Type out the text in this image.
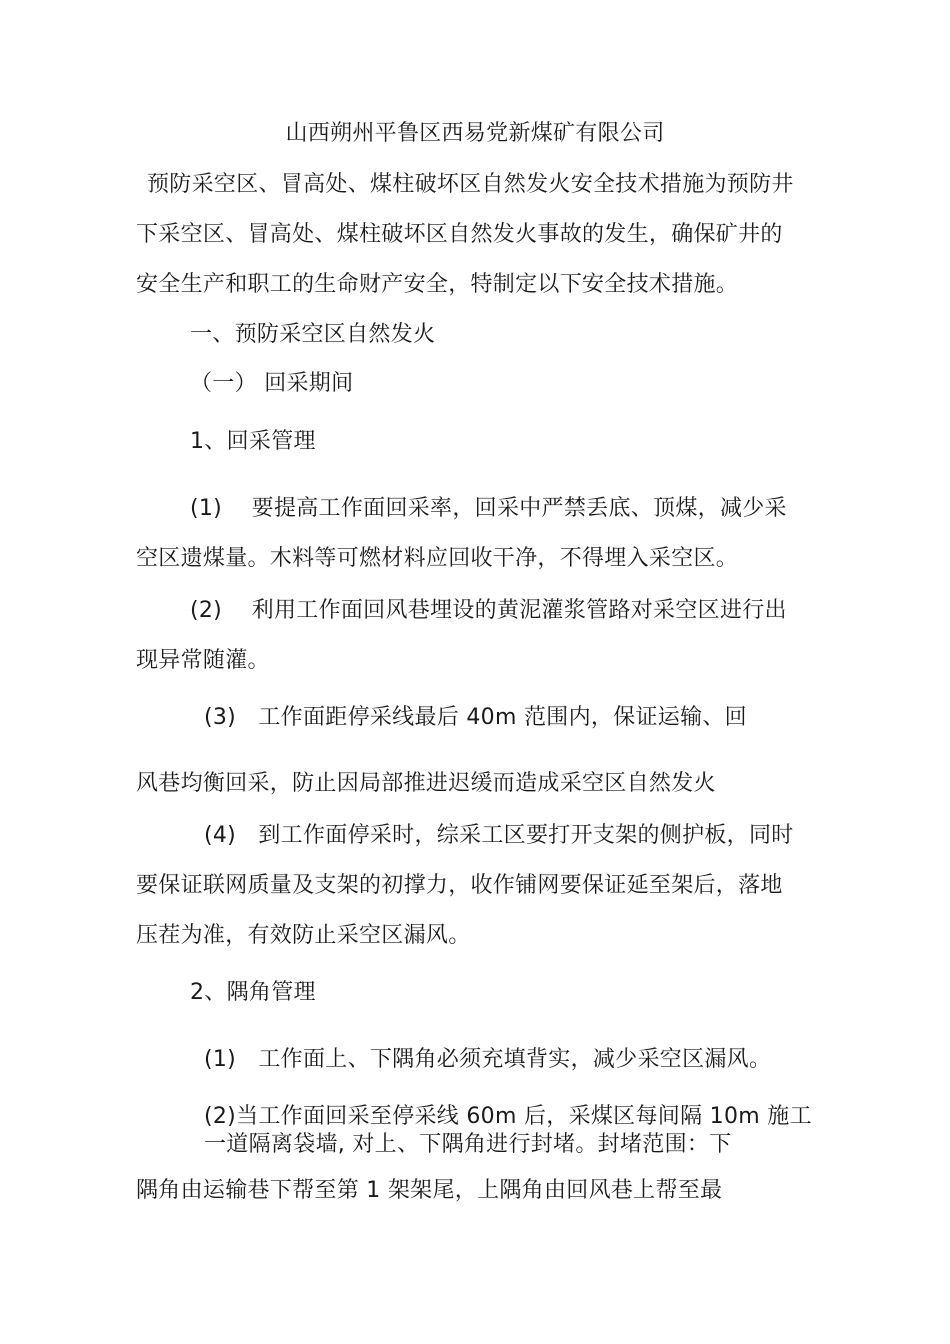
山西朔州平鲁区西易党新煤矿有限公司
预防采空区、冒高处、煤柱破坏区自然发火安全技术措施为预防井
下采空区、冒高处、煤柱破坏区自然发火事故的发生，确保矿井的
安全生产和职工的生命财产安全，特制定以下安全技术措施。
一、预防采空区自然发火
（一） 回采期间
1、回采管理
(1)　 要提高工作面回采率，回采中严禁丢底、顶煤，减少采
空区遗煤量。木料等可燃材料应回收干净，不得埋入采空区。
(2)　 利用工作面回风巷埋设的黄泥灌浆管路对采空区进行出
现异常随灌。
(3)　工作面距停采线最后 40m 范围内，保证运输、回
风巷均衡回采，防止因局部推进迟缓而造成采空区自然发火
(4)　到工作面停采时，综采工区要打开支架的侧护板，同时
要保证联网质量及支架的初撑力，收作铺网要保证延至架后，落地
压茬为准，有效防止采空区漏风。
2、隅角管理
(1)　工作面上、下隅角必须充填背实，减少采空区漏风。
(2)当工作面回采至停采线 60m 后，采煤区每间隔 10m 施工
一道隔离袋墙, 对上、下隅角进行封堵。封堵范围：下
隅角由运输巷下帮至第 1 架架尾，上隅角由回风巷上帮至最
